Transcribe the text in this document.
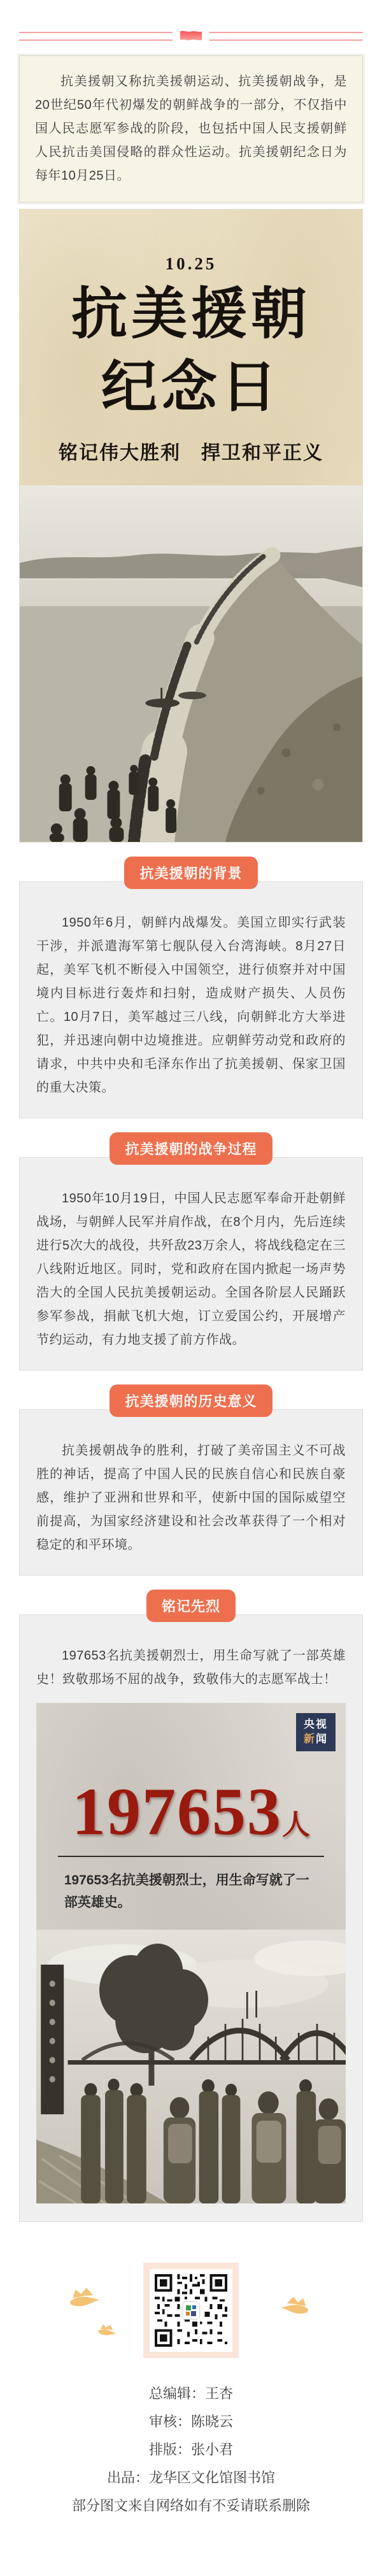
抗美援朝又称抗美援朝运动、抗美援朝战争，是20世纪50年代初爆发的朝鲜战争的一部分，不仅指中国人民志愿军参战的阶段，也包括中国人民支援朝鲜人民抗击美国侵略的群众性运动。抗美援朝纪念日为每年10月25日。

10.25
抗美援朝
纪念日
铭记伟大胜利　捍卫和平正义
抗美援朝的背景

1950年6月，朝鲜内战爆发。美国立即实行武装干涉，并派遣海军第七舰队侵入台湾海峡。8月27日起，美军飞机不断侵入中国领空，进行侦察并对中国境内目标进行轰炸和扫射，造成财产损失、人员伤亡。10月7日，美军越过三八线，向朝鲜北方大举进犯，并迅速向朝中边境推进。应朝鲜劳动党和政府的请求，中共中央和毛泽东作出了抗美援朝、保家卫国的重大决策。

抗美援朝的战争过程

1950年10月19日，中国人民志愿军奉命开赴朝鲜战场，与朝鲜人民军并肩作战，在8个月内，先后连续进行5次大的战役，共歼敌23万余人，将战线稳定在三八线附近地区。同时，党和政府在国内掀起一场声势浩大的全国人民抗美援朝运动。全国各阶层人民踊跃参军参战，捐献飞机大炮，订立爱国公约，开展增产节约运动，有力地支援了前方作战。

抗美援朝的历史意义

抗美援朝战争的胜利，打破了美帝国主义不可战胜的神话，提高了中国人民的民族自信心和民族自豪感，维护了亚洲和世界和平，使新中国的国际威望空前提高，为国家经济建设和社会改革获得了一个相对稳定的和平环境。

铭记先烈

197653名抗美援朝烈士，用生命写就了一部英雄史！致敬那场不屈的战争，致敬伟大的志愿军战士！

央视
新闻
197653人
197653名抗美援朝烈士，用生命写就了一部英雄史。
总编辑：王杏
审核：陈晓云
排版：张小君
出品：龙华区文化馆图书馆
部分图文来自网络如有不妥请联系删除
